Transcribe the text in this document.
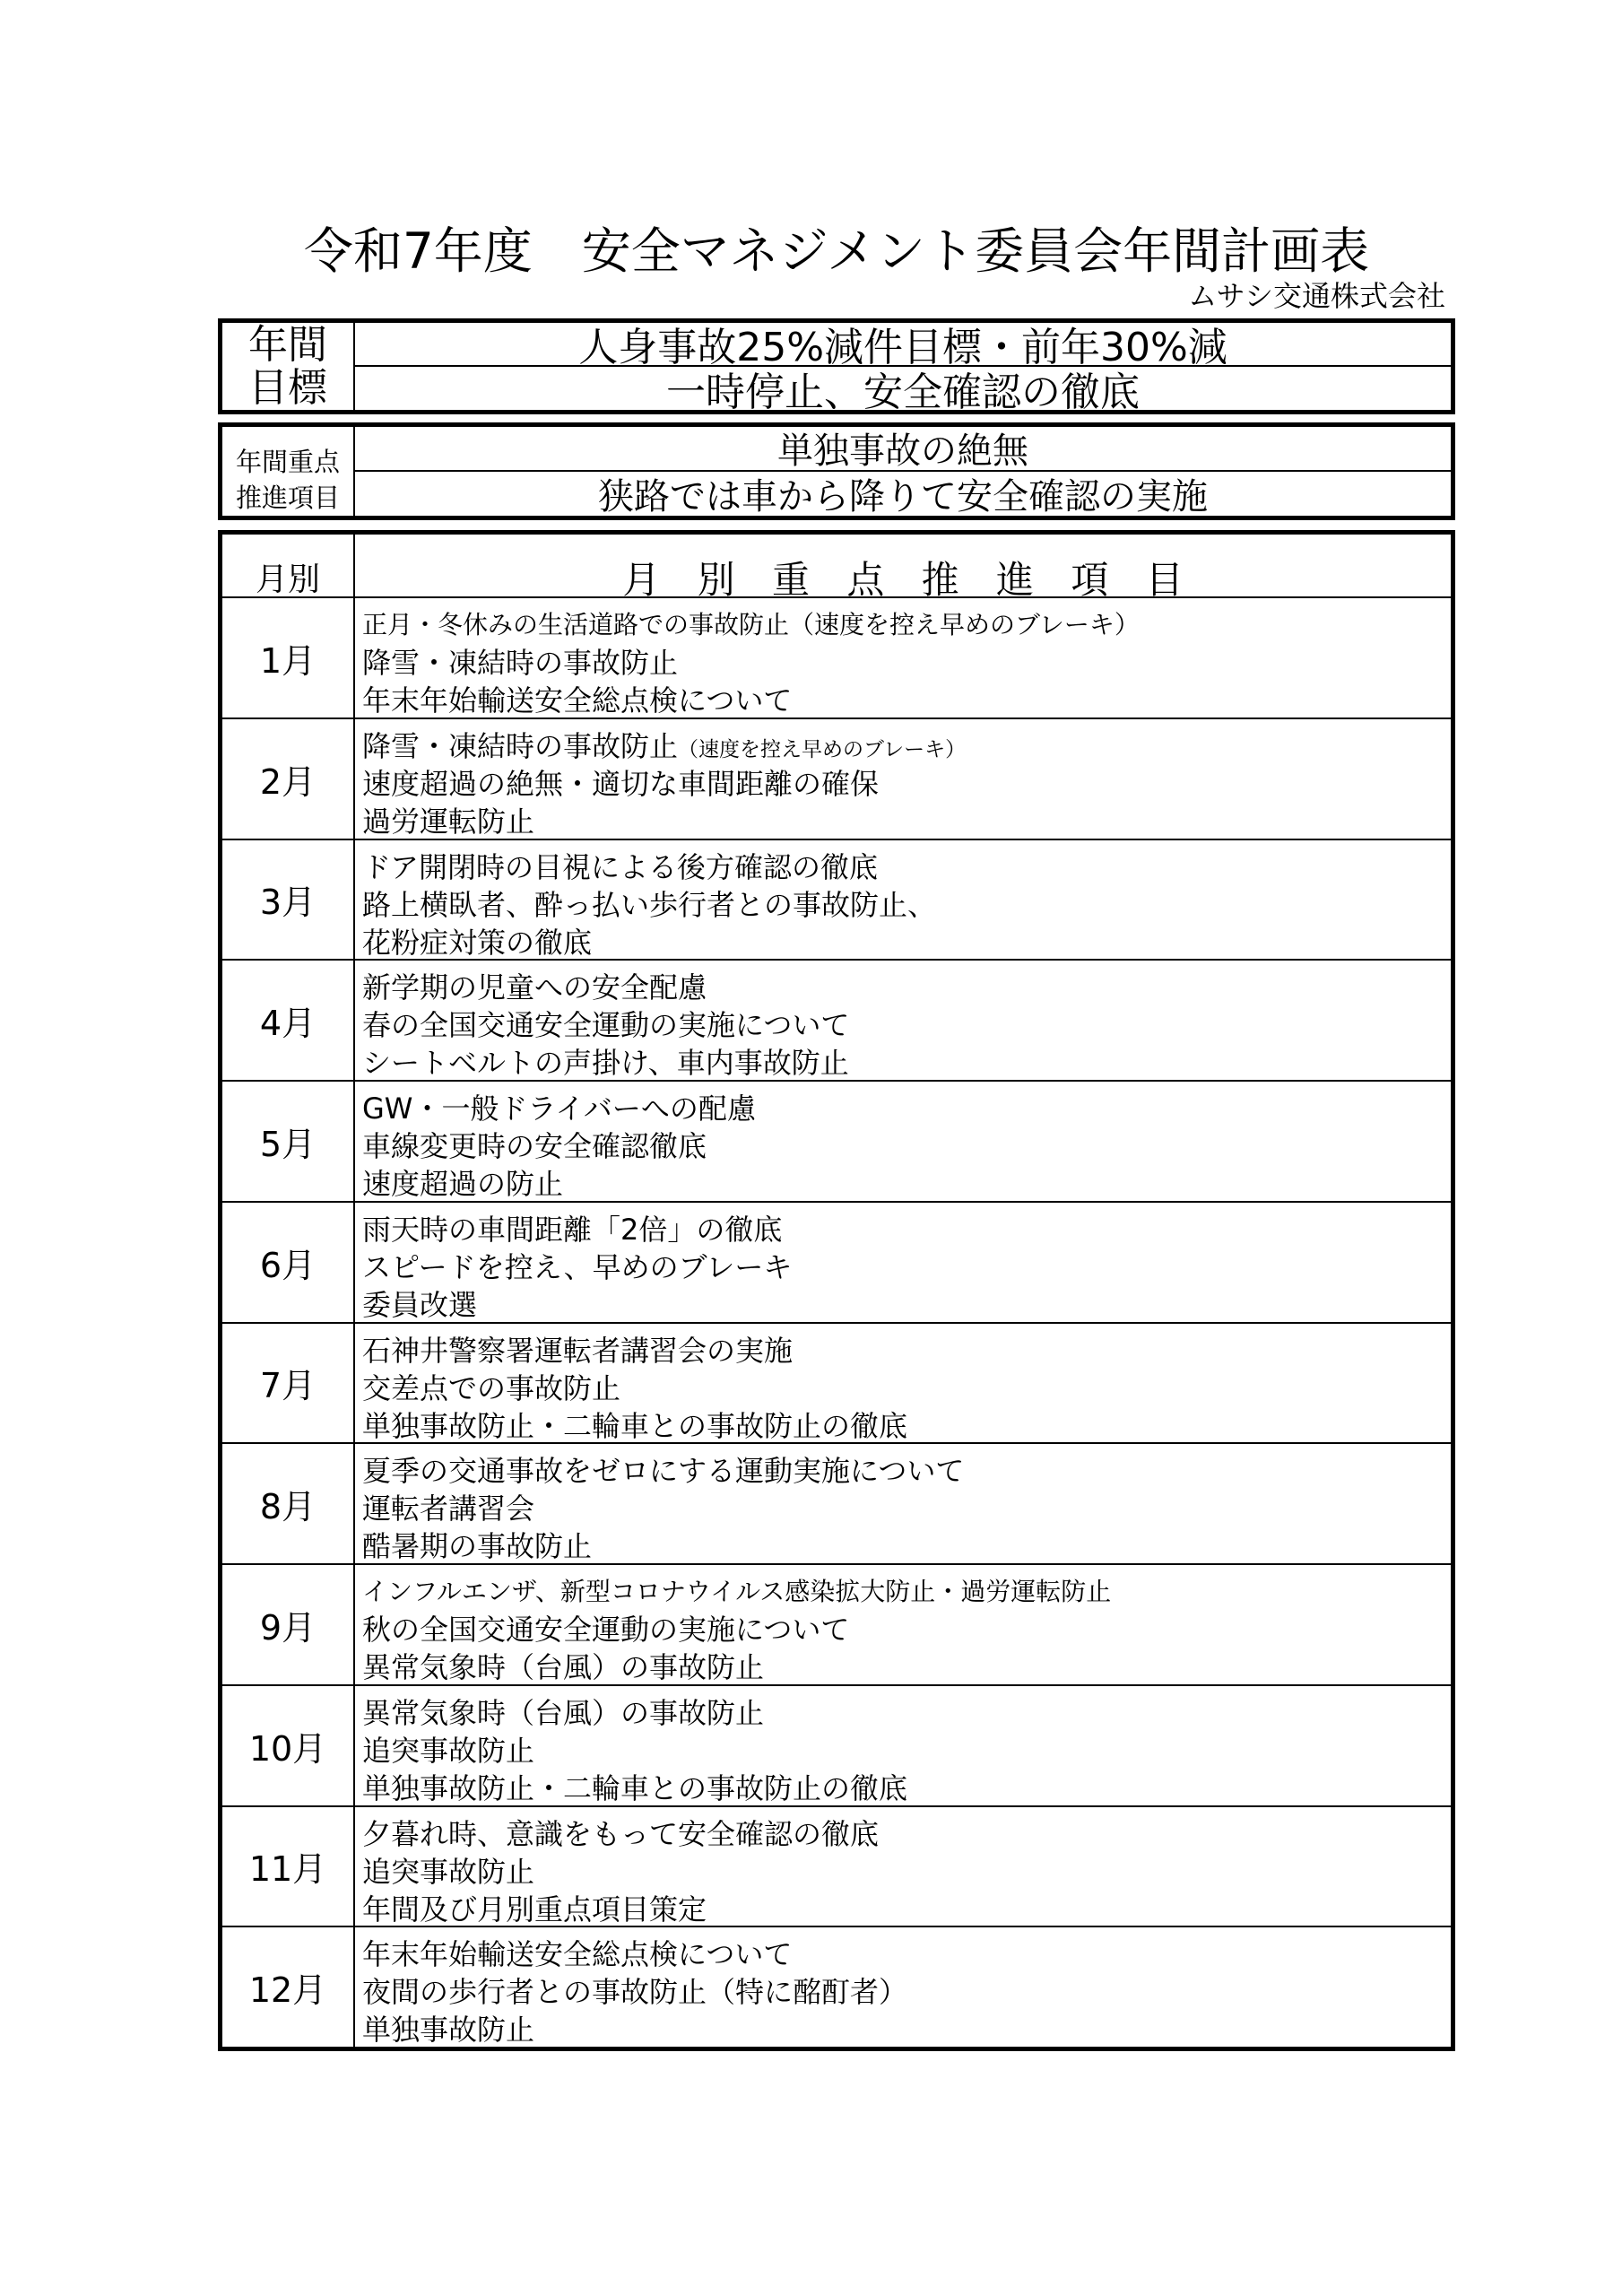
令和7年度　安全マネジメント委員会年間計画表
ムサシ交通株式会社
年間
目標
人身事故25%減件目標・前年30%減
一時停止、安全確認の徹底
年間重点
推進項目
単独事故の絶無
狭路では車から降りて安全確認の実施
月別	月 別 重 点 推 進 項 目
1月
正月・冬休みの生活道路での事故防止（速度を控え早めのブレーキ）
降雪・凍結時の事故防止
年末年始輸送安全総点検について
2月
降雪・凍結時の事故防止（速度を控え早めのブレーキ）
速度超過の絶無・適切な車間距離の確保
過労運転防止
3月
ドア開閉時の目視による後方確認の徹底
路上横臥者、酔っ払い歩行者との事故防止、
花粉症対策の徹底
4月
新学期の児童への安全配慮
春の全国交通安全運動の実施について
シートベルトの声掛け、車内事故防止
5月
GW・一般ドライバーへの配慮
車線変更時の安全確認徹底
速度超過の防止
6月
雨天時の車間距離「2倍」の徹底
スピードを控え、早めのブレーキ
委員改選
7月
石神井警察署運転者講習会の実施
交差点での事故防止
単独事故防止・二輪車との事故防止の徹底
8月
夏季の交通事故をゼロにする運動実施について
運転者講習会
酷暑期の事故防止
9月
インフルエンザ、新型コロナウイルス感染拡大防止・過労運転防止
秋の全国交通安全運動の実施について
異常気象時（台風）の事故防止
10月
異常気象時（台風）の事故防止
追突事故防止
単独事故防止・二輪車との事故防止の徹底
11月
夕暮れ時、意識をもって安全確認の徹底
追突事故防止
年間及び月別重点項目策定
12月
年末年始輸送安全総点検について
夜間の歩行者との事故防止（特に酩酊者）
単独事故防止
